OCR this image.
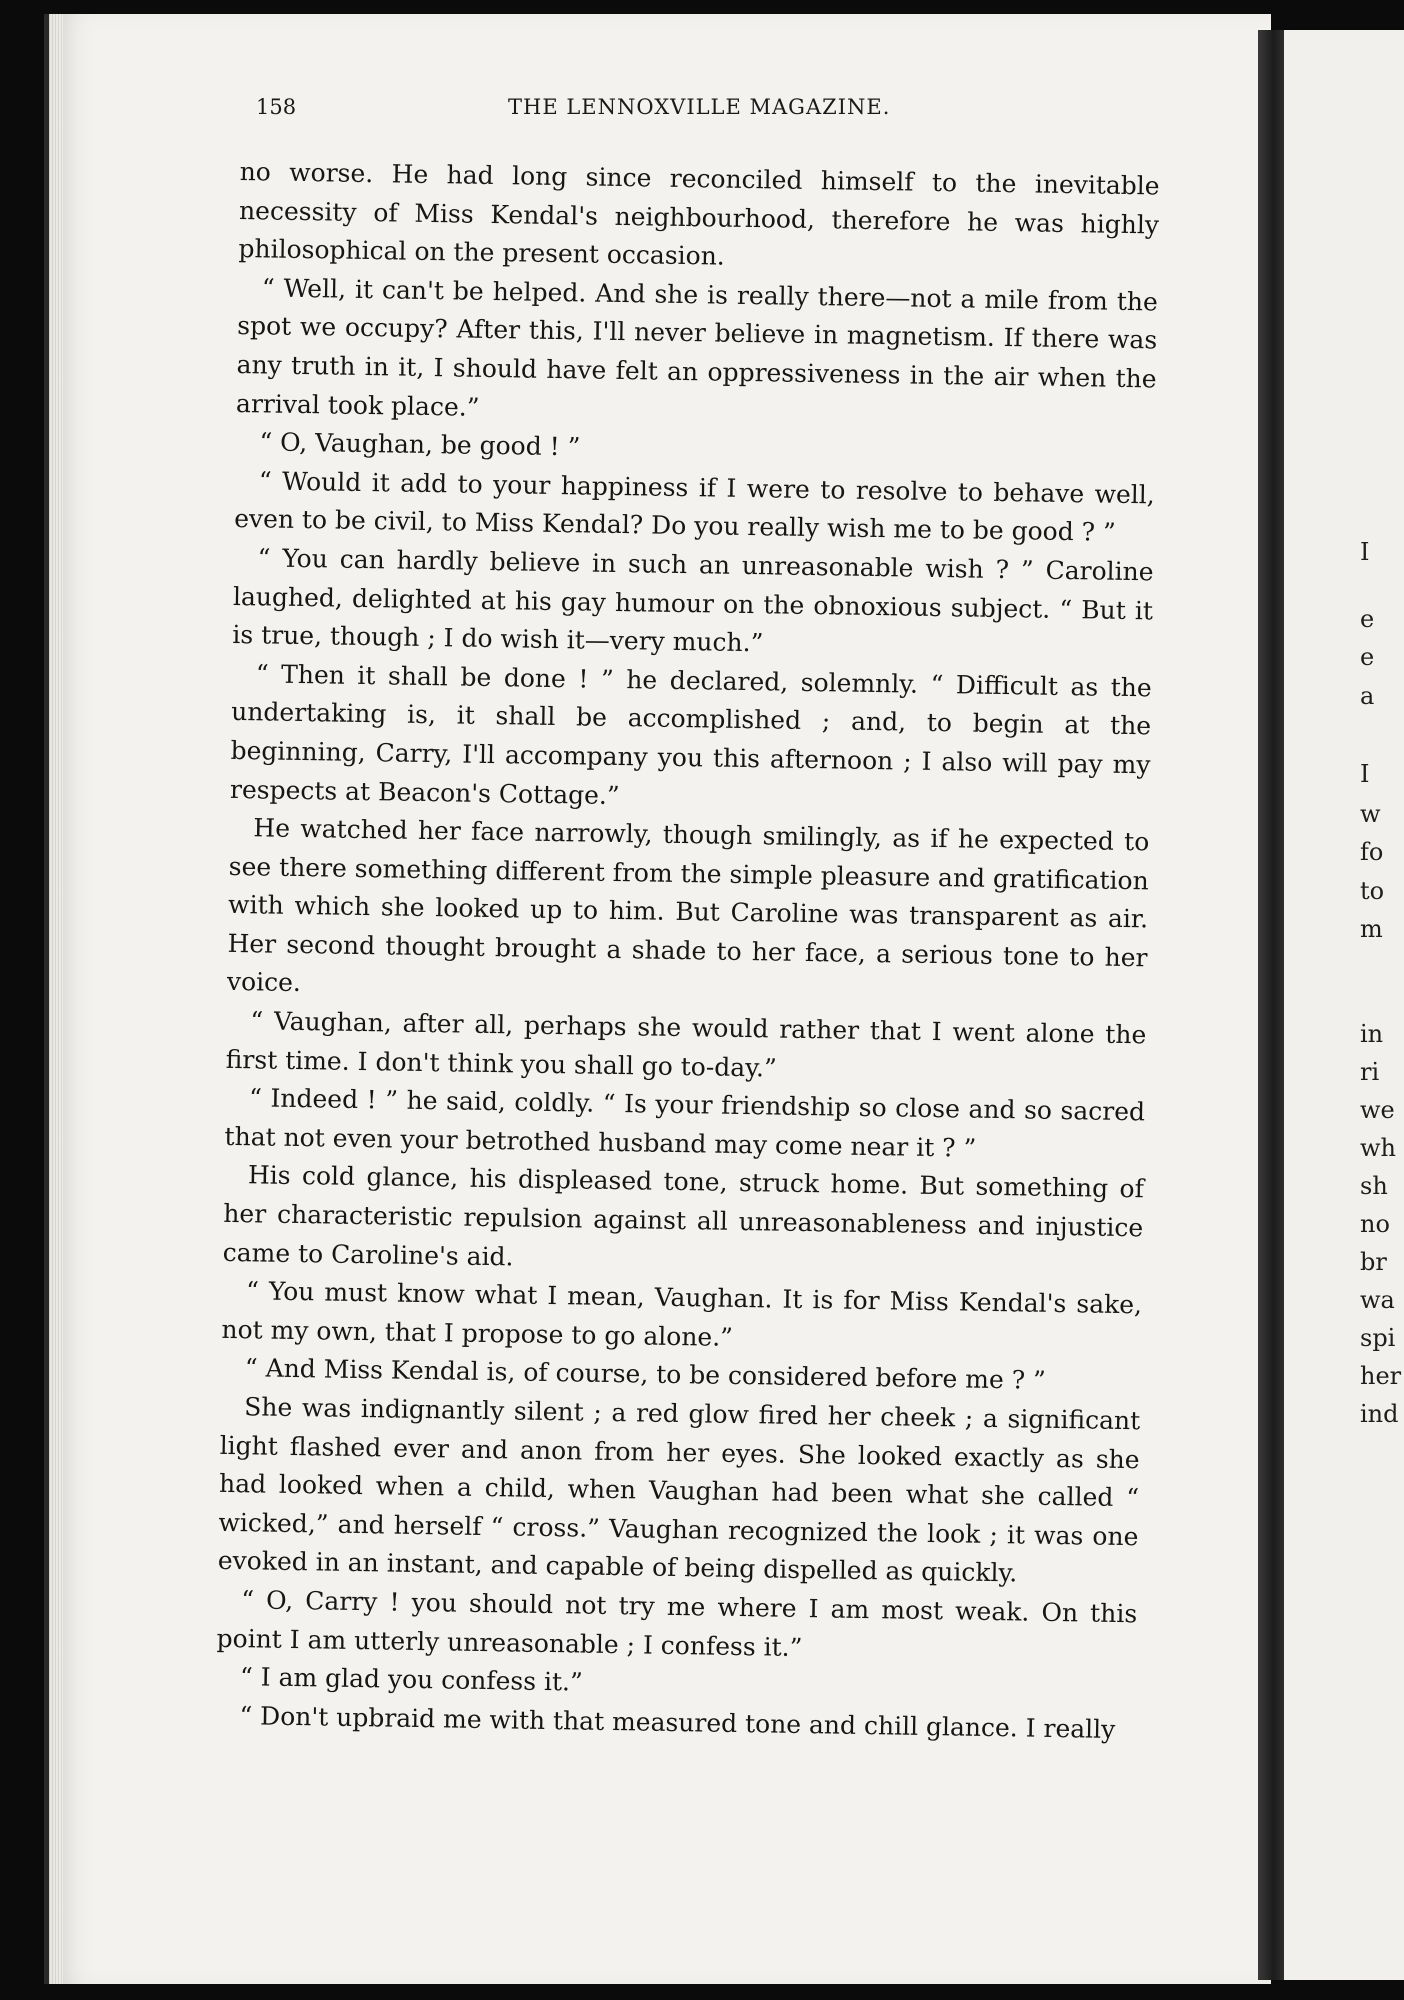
158	THE LENNOXVILLE MAGAZINE.

no worse. He had long since reconciled himself to the inevitable necessity of Miss Kendal's neighbourhood, therefore he was highly philosophical on the present occasion.

“ Well, it can't be helped. And she is really there—not a mile from the spot we occupy? After this, I'll never believe in magnetism. If there was any truth in it, I should have felt an oppressiveness in the air when the arrival took place.”

“ O, Vaughan, be good ! ”

“ Would it add to your happiness if I were to resolve to behave well, even to be civil, to Miss Kendal? Do you really wish me to be good ? ”

“ You can hardly believe in such an unreasonable wish ? ” Caroline laughed, delighted at his gay humour on the obnoxious subject. “ But it is true, though ; I do wish it—very much.”

“ Then it shall be done ! ” he declared, solemnly. “ Difficult as the undertaking is, it shall be accomplished ; and, to begin at the beginning, Carry, I'll accompany you this afternoon ; I also will pay my respects at Beacon's Cottage.”

He watched her face narrowly, though smilingly, as if he expected to see there something different from the simple pleasure and gratification with which she looked up to him. But Caroline was transparent as air. Her second thought brought a shade to her face, a serious tone to her voice.

“ Vaughan, after all, perhaps she would rather that I went alone the first time. I don't think you shall go to-day.”

“ Indeed ! ” he said, coldly. “ Is your friendship so close and so sacred that not even your betrothed husband may come near it ? ”

His cold glance, his displeased tone, struck home. But something of her characteristic repulsion against all unreasonableness and injustice came to Caroline's aid.

“ You must know what I mean, Vaughan. It is for Miss Kendal's sake, not my own, that I propose to go alone.”

“ And Miss Kendal is, of course, to be considered before me ? ”

She was indignantly silent ; a red glow fired her cheek ; a significant light flashed ever and anon from her eyes. She looked exactly as she had looked when a child, when Vaughan had been what she called “ wicked,” and herself “ cross.” Vaughan recognized the look ; it was one evoked in an instant, and capable of being dispelled as quickly.

“ O, Carry ! you should not try me where I am most weak. On this point I am utterly unreasonable ; I confess it.”

“ I am glad you confess it.”

“ Don't upbraid me with that measured tone and chill glance. I really

I
e
e
a
I
w
fo
to
m
in
ri
we
wh
sh
no
br
wa
spi
her
ind
